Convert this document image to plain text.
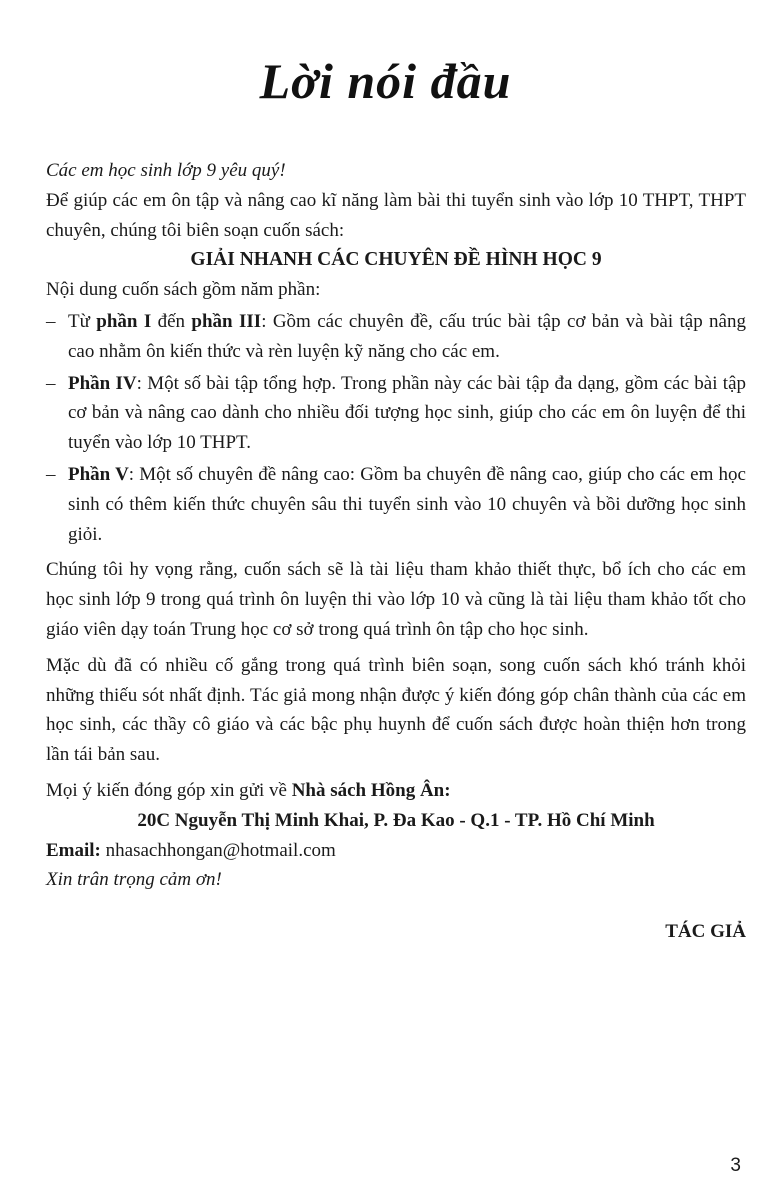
Lời nói đầu

Các em học sinh lớp 9 yêu quý!

Để giúp các em ôn tập và nâng cao kĩ năng làm bài thi tuyển sinh vào lớp 10 THPT, THPT chuyên, chúng tôi biên soạn cuốn sách:

GIẢI NHANH CÁC CHUYÊN ĐỀ HÌNH HỌC 9

Nội dung cuốn sách gồm năm phần:

– Từ phần I đến phần III: Gồm các chuyên đề, cấu trúc bài tập cơ bản và bài tập nâng cao nhằm ôn kiến thức và rèn luyện kỹ năng cho các em.

– Phần IV: Một số bài tập tổng hợp. Trong phần này các bài tập đa dạng, gồm các bài tập cơ bản và nâng cao dành cho nhiều đối tượng học sinh, giúp cho các em ôn luyện để thi tuyển vào lớp 10 THPT.

– Phần V: Một số chuyên đề nâng cao: Gồm ba chuyên đề nâng cao, giúp cho các em học sinh có thêm kiến thức chuyên sâu thi tuyển sinh vào 10 chuyên và bồi dưỡng học sinh giỏi.

Chúng tôi hy vọng rằng, cuốn sách sẽ là tài liệu tham khảo thiết thực, bổ ích cho các em học sinh lớp 9 trong quá trình ôn luyện thi vào lớp 10 và cũng là tài liệu tham khảo tốt cho giáo viên dạy toán Trung học cơ sở trong quá trình ôn tập cho học sinh.

Mặc dù đã có nhiều cố gắng trong quá trình biên soạn, song cuốn sách khó tránh khỏi những thiếu sót nhất định. Tác giả mong nhận được ý kiến đóng góp chân thành của các em học sinh, các thầy cô giáo và các bậc phụ huynh để cuốn sách được hoàn thiện hơn trong lần tái bản sau.

Mọi ý kiến đóng góp xin gửi về Nhà sách Hồng Ân:

20C Nguyễn Thị Minh Khai, P. Đa Kao - Q.1 - TP. Hồ Chí Minh

Email: nhasachhongan@hotmail.com

Xin trân trọng cảm ơn!

TÁC GIẢ

3
